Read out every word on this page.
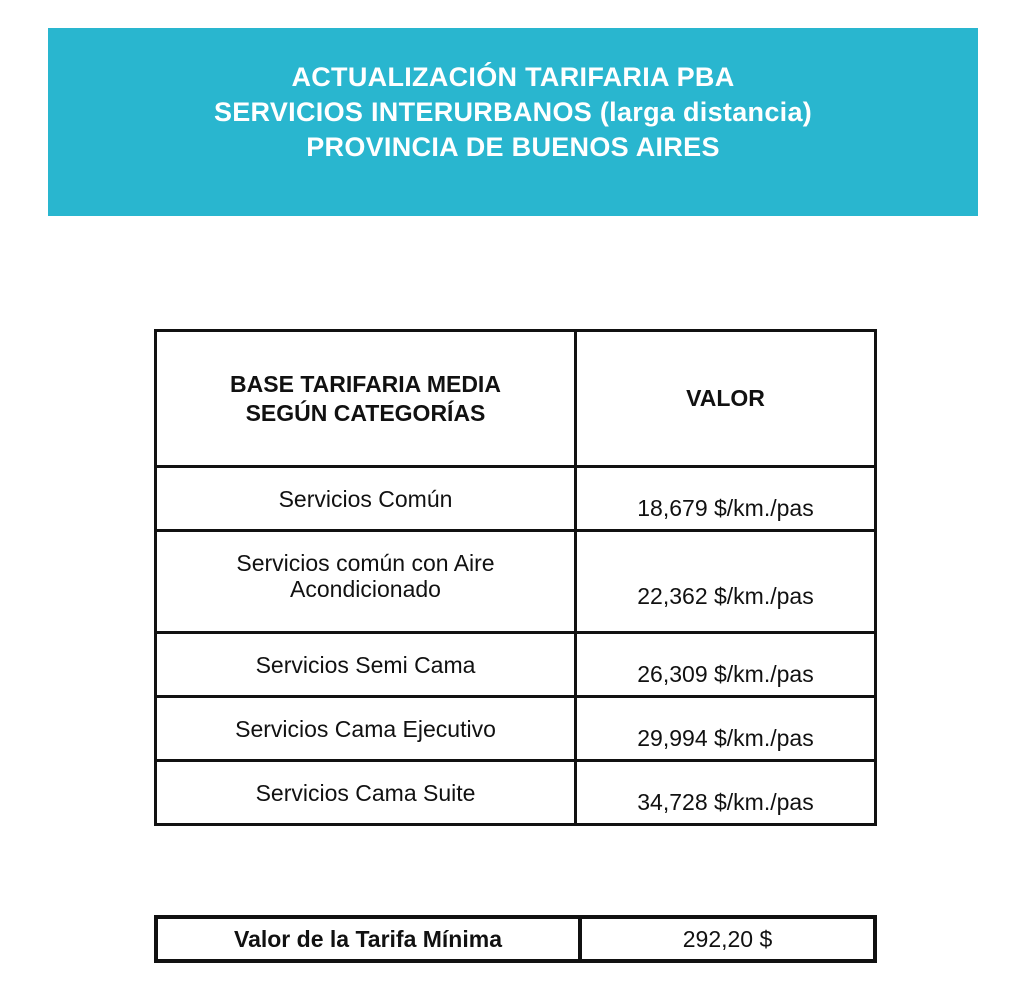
ACTUALIZACIÓN TARIFARIA PBA
SERVICIOS INTERURBANOS (larga distancia)
PROVINCIA DE BUENOS AIRES
BASE TARIFARIA MEDIA
SEGÚN CATEGORÍAS	VALOR
Servicios Común	18,679 $/km./pas

Servicios común con Aire
Acondicionado	22,362 $/km./pas
Servicios Semi Cama	26,309 $/km./pas
Servicios Cama Ejecutivo	29,994 $/km./pas
Servicios Cama Suite	34,728 $/km./pas
Valor de la Tarifa Mínima	292,20 $
